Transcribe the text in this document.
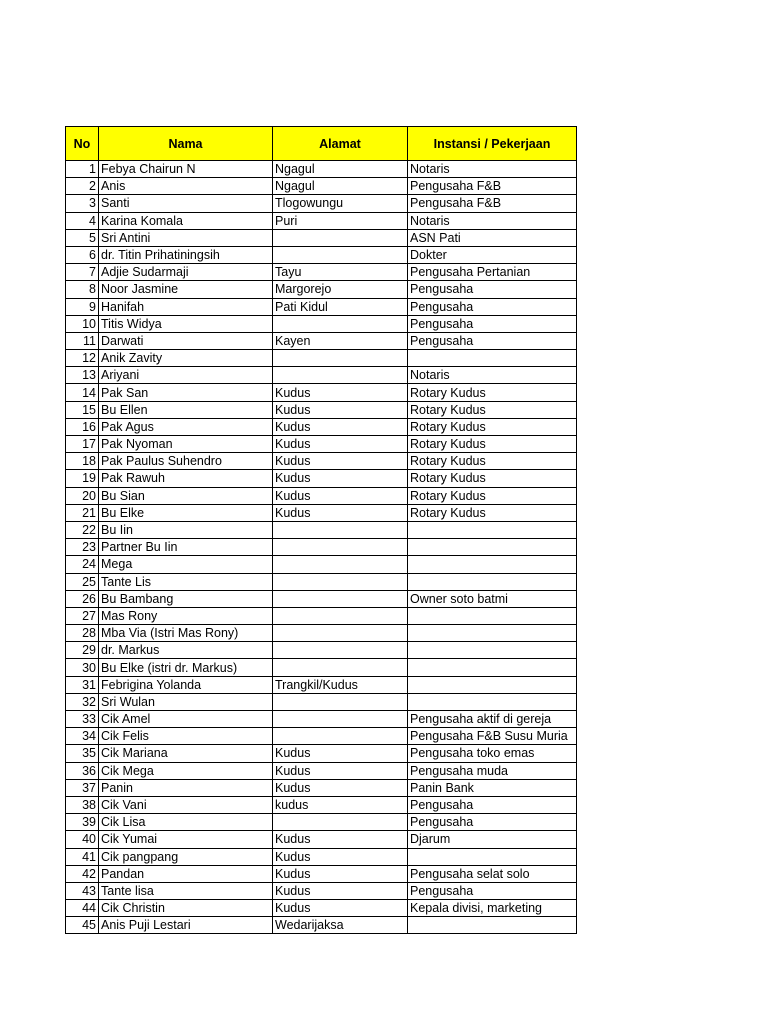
No	Nama	Alamat	Instansi / Pekerjaan
1	Febya Chairun N	Ngagul	Notaris
2	Anis	Ngagul	Pengusaha F&B
3	Santi	Tlogowungu	Pengusaha F&B
4	Karina Komala	Puri	Notaris
5	Sri Antini		ASN Pati
6	dr. Titin Prihatiningsih		Dokter
7	Adjie Sudarmaji	Tayu	Pengusaha Pertanian
8	Noor Jasmine	Margorejo	Pengusaha
9	Hanifah	Pati Kidul	Pengusaha
10	Titis Widya		Pengusaha
11	Darwati	Kayen	Pengusaha
12	Anik Zavity		
13	Ariyani		Notaris
14	Pak San	Kudus	Rotary Kudus
15	Bu Ellen	Kudus	Rotary Kudus
16	Pak Agus	Kudus	Rotary Kudus
17	Pak Nyoman	Kudus	Rotary Kudus
18	Pak Paulus Suhendro	Kudus	Rotary Kudus
19	Pak Rawuh	Kudus	Rotary Kudus
20	Bu Sian	Kudus	Rotary Kudus
21	Bu Elke	Kudus	Rotary Kudus
22	Bu Iin		
23	Partner Bu Iin		
24	Mega		
25	Tante Lis		
26	Bu Bambang		Owner soto batmi
27	Mas Rony		
28	Mba Via (Istri Mas Rony)		
29	dr. Markus		
30	Bu Elke (istri dr. Markus)		
31	Febrigina Yolanda	Trangkil/Kudus	
32	Sri Wulan		
33	Cik Amel		Pengusaha aktif di gereja
34	Cik Felis		Pengusaha F&B Susu Muria
35	Cik Mariana	Kudus	Pengusaha toko emas
36	Cik Mega	Kudus	Pengusaha muda
37	Panin	Kudus	Panin Bank
38	Cik Vani	kudus	Pengusaha
39	Cik Lisa		Pengusaha
40	Cik Yumai	Kudus	Djarum
41	Cik pangpang	Kudus	
42	Pandan	Kudus	Pengusaha selat solo
43	Tante lisa	Kudus	Pengusaha
44	Cik Christin	Kudus	Kepala divisi, marketing
45	Anis Puji Lestari	Wedarijaksa	
